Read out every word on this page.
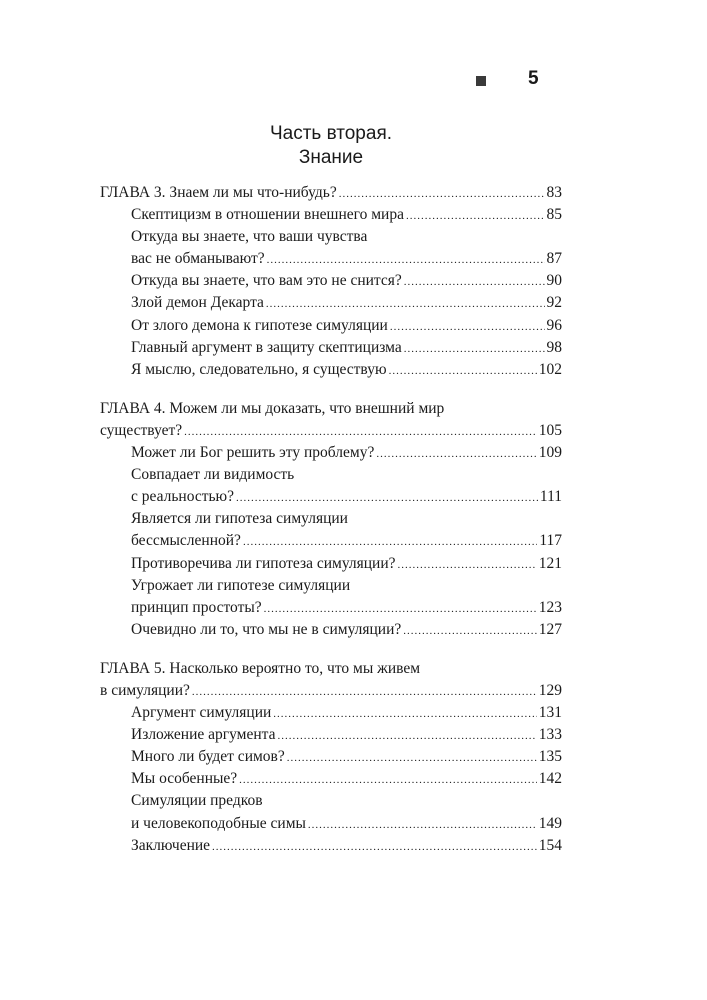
5
Часть вторая.
Знание
ГЛАВА 3. Знаем ли мы что-нибудь? .....	83
Скептицизм в отношении внешнего мира .....	85
Откуда вы знаете, что ваши чувства
вас не обманывают? .....	87
Откуда вы знаете, что вам это не снится? .....	90
Злой демон Декарта .....	92
От злого демона к гипотезе симуляции .....	96
Главный аргумент в защиту скептицизма .....	98
Я мыслю, следовательно, я существую .....	102
ГЛАВА 4. Можем ли мы доказать, что внешний мир
существует? .....	105
Может ли Бог решить эту проблему? .....	109
Совпадает ли видимость
с реальностью? .....	111
Является ли гипотеза симуляции
бессмысленной? .....	117
Противоречива ли гипотеза симуляции? .....	121
Угрожает ли гипотезе симуляции
принцип простоты? .....	123
Очевидно ли то, что мы не в симуляции? .....	127
ГЛАВА 5. Насколько вероятно то, что мы живем
в симуляции? .....	129
Аргумент симуляции .....	131
Изложение аргумента .....	133
Много ли будет симов? .....	135
Мы особенные? .....	142
Симуляции предков
и человекоподобные симы .....	149
Заключение .....	154
